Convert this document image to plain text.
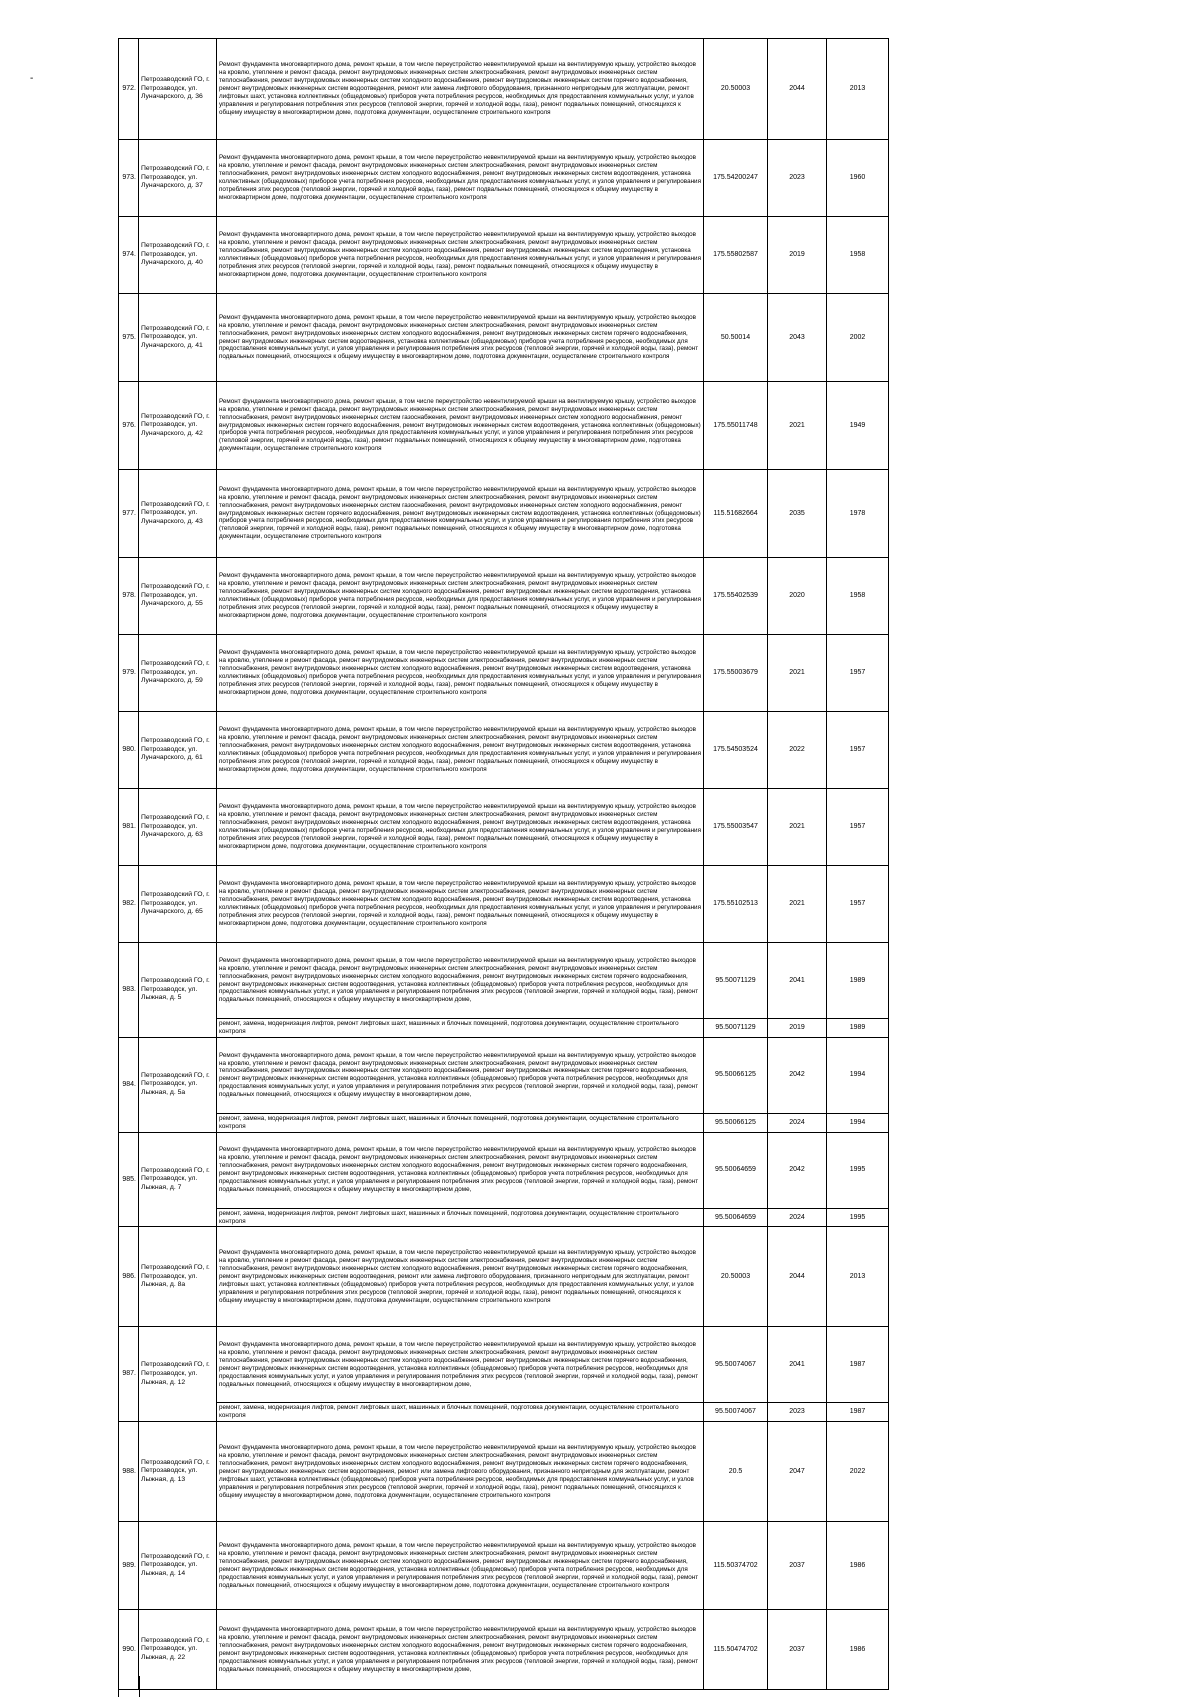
-
972.	Петрозаводский ГО, г. Петрозаводск, ул. Луначарского, д. 36	Ремонт фундамента многоквартирного дома, ремонт крыши, в том числе переустройство невентилируемой крыши на вентилируемую крышу, устройство выходов на кровлю, утепление и ремонт фасада, ремонт внутридомовых инженерных систем электроснабжения, ремонт внутридомовых инженерных систем теплоснабжения, ремонт внутридомовых инженерных систем холодного водоснабжения, ремонт внутридомовых инженерных систем горячего водоснабжения, ремонт внутридомовых инженерных систем водоотведения, ремонт или замена лифтового оборудования, признанного непригодным для эксплуатации, ремонт лифтовых шахт, установка коллективных (общедомовых) приборов учета потребления ресурсов, необходимых для предоставления коммунальных услуг, и узлов управления и регулирования потребления этих ресурсов (тепловой энергии, горячей и холодной воды, газа), ремонт подвальных помещений, относящихся к общему имуществу в многоквартирном доме, подготовка документации, осуществление строительного контроля	20.50003	2044	2013
973.	Петрозаводский ГО, г. Петрозаводск, ул. Луначарского, д. 37	Ремонт фундамента многоквартирного дома, ремонт крыши, в том числе переустройство невентилируемой крыши на вентилируемую крышу, устройство выходов на кровлю, утепление и ремонт фасада, ремонт внутридомовых инженерных систем электроснабжения, ремонт внутридомовых инженерных систем теплоснабжения, ремонт внутридомовых инженерных систем холодного водоснабжения, ремонт внутридомовых инженерных систем водоотведения, установка коллективных (общедомовых) приборов учета потребления ресурсов, необходимых для предоставления коммунальных услуг, и узлов управления и регулирования потребления этих ресурсов (тепловой энергии, горячей и холодной воды, газа), ремонт подвальных помещений, относящихся к общему имуществу в многоквартирном доме, подготовка документации, осуществление строительного контроля	175.54200247	2023	1960
974.	Петрозаводский ГО, г. Петрозаводск, ул. Луначарского, д. 40	Ремонт фундамента многоквартирного дома, ремонт крыши, в том числе переустройство невентилируемой крыши на вентилируемую крышу, устройство выходов на кровлю, утепление и ремонт фасада, ремонт внутридомовых инженерных систем электроснабжения, ремонт внутридомовых инженерных систем теплоснабжения, ремонт внутридомовых инженерных систем холодного водоснабжения, ремонт внутридомовых инженерных систем водоотведения, установка коллективных (общедомовых) приборов учета потребления ресурсов, необходимых для предоставления коммунальных услуг, и узлов управления и регулирования потребления этих ресурсов (тепловой энергии, горячей и холодной воды, газа), ремонт подвальных помещений, относящихся к общему имуществу в многоквартирном доме, подготовка документации, осуществление строительного контроля	175.55802587	2019	1958
975.	Петрозаводский ГО, г. Петрозаводск, ул. Луначарского, д. 41	Ремонт фундамента многоквартирного дома, ремонт крыши, в том числе переустройство невентилируемой крыши на вентилируемую крышу, устройство выходов на кровлю, утепление и ремонт фасада, ремонт внутридомовых инженерных систем электроснабжения, ремонт внутридомовых инженерных систем теплоснабжения, ремонт внутридомовых инженерных систем холодного водоснабжения, ремонт внутридомовых инженерных систем горячего водоснабжения, ремонт внутридомовых инженерных систем водоотведения, установка коллективных (общедомовых) приборов учета потребления ресурсов, необходимых для предоставления коммунальных услуг, и узлов управления и регулирования потребления этих ресурсов (тепловой энергии, горячей и холодной воды, газа), ремонт подвальных помещений, относящихся к общему имуществу в многоквартирном доме, подготовка документации, осуществление строительного контроля	50.50014	2043	2002
976.	Петрозаводский ГО, г. Петрозаводск, ул. Луначарского, д. 42	Ремонт фундамента многоквартирного дома, ремонт крыши, в том числе переустройство невентилируемой крыши на вентилируемую крышу, устройство выходов на кровлю, утепление и ремонт фасада, ремонт внутридомовых инженерных систем электроснабжения, ремонт внутридомовых инженерных систем теплоснабжения, ремонт внутридомовых инженерных систем газоснабжения, ремонт внутридомовых инженерных систем холодного водоснабжения, ремонт внутридомовых инженерных систем горячего водоснабжения, ремонт внутридомовых инженерных систем водоотведения, установка коллективных (общедомовых) приборов учета потребления ресурсов, необходимых для предоставления коммунальных услуг, и узлов управления и регулирования потребления этих ресурсов (тепловой энергии, горячей и холодной воды, газа), ремонт подвальных помещений, относящихся к общему имуществу в многоквартирном доме, подготовка документации, осуществление строительного контроля	175.55011748	2021	1949
977.	Петрозаводский ГО, г. Петрозаводск, ул. Луначарского, д. 43	Ремонт фундамента многоквартирного дома, ремонт крыши, в том числе переустройство невентилируемой крыши на вентилируемую крышу, устройство выходов на кровлю, утепление и ремонт фасада, ремонт внутридомовых инженерных систем электроснабжения, ремонт внутридомовых инженерных систем теплоснабжения, ремонт внутридомовых инженерных систем газоснабжения, ремонт внутридомовых инженерных систем холодного водоснабжения, ремонт внутридомовых инженерных систем горячего водоснабжения, ремонт внутридомовых инженерных систем водоотведения, установка коллективных (общедомовых) приборов учета потребления ресурсов, необходимых для предоставления коммунальных услуг, и узлов управления и регулирования потребления этих ресурсов (тепловой энергии, горячей и холодной воды, газа), ремонт подвальных помещений, относящихся к общему имуществу в многоквартирном доме, подготовка документации, осуществление строительного контроля	115.51682664	2035	1978
978.	Петрозаводский ГО, г. Петрозаводск, ул. Луначарского, д. 55	Ремонт фундамента многоквартирного дома, ремонт крыши, в том числе переустройство невентилируемой крыши на вентилируемую крышу, устройство выходов на кровлю, утепление и ремонт фасада, ремонт внутридомовых инженерных систем электроснабжения, ремонт внутридомовых инженерных систем теплоснабжения, ремонт внутридомовых инженерных систем холодного водоснабжения, ремонт внутридомовых инженерных систем водоотведения, установка коллективных (общедомовых) приборов учета потребления ресурсов, необходимых для предоставления коммунальных услуг, и узлов управления и регулирования потребления этих ресурсов (тепловой энергии, горячей и холодной воды, газа), ремонт подвальных помещений, относящихся к общему имуществу в многоквартирном доме, подготовка документации, осуществление строительного контроля	175.55402539	2020	1958
979.	Петрозаводский ГО, г. Петрозаводск, ул. Луначарского, д. 59	Ремонт фундамента многоквартирного дома, ремонт крыши, в том числе переустройство невентилируемой крыши на вентилируемую крышу, устройство выходов на кровлю, утепление и ремонт фасада, ремонт внутридомовых инженерных систем электроснабжения, ремонт внутридомовых инженерных систем теплоснабжения, ремонт внутридомовых инженерных систем холодного водоснабжения, ремонт внутридомовых инженерных систем водоотведения, установка коллективных (общедомовых) приборов учета потребления ресурсов, необходимых для предоставления коммунальных услуг, и узлов управления и регулирования потребления этих ресурсов (тепловой энергии, горячей и холодной воды, газа), ремонт подвальных помещений, относящихся к общему имуществу в многоквартирном доме, подготовка документации, осуществление строительного контроля	175.55003679	2021	1957
980.	Петрозаводский ГО, г. Петрозаводск, ул. Луначарского, д. 61	Ремонт фундамента многоквартирного дома, ремонт крыши, в том числе переустройство невентилируемой крыши на вентилируемую крышу, устройство выходов на кровлю, утепление и ремонт фасада, ремонт внутридомовых инженерных систем электроснабжения, ремонт внутридомовых инженерных систем теплоснабжения, ремонт внутридомовых инженерных систем холодного водоснабжения, ремонт внутридомовых инженерных систем водоотведения, установка коллективных (общедомовых) приборов учета потребления ресурсов, необходимых для предоставления коммунальных услуг, и узлов управления и регулирования потребления этих ресурсов (тепловой энергии, горячей и холодной воды, газа), ремонт подвальных помещений, относящихся к общему имуществу в многоквартирном доме, подготовка документации, осуществление строительного контроля	175.54503524	2022	1957
981.	Петрозаводский ГО, г. Петрозаводск, ул. Луначарского, д. 63	Ремонт фундамента многоквартирного дома, ремонт крыши, в том числе переустройство невентилируемой крыши на вентилируемую крышу, устройство выходов на кровлю, утепление и ремонт фасада, ремонт внутридомовых инженерных систем электроснабжения, ремонт внутридомовых инженерных систем теплоснабжения, ремонт внутридомовых инженерных систем холодного водоснабжения, ремонт внутридомовых инженерных систем водоотведения, установка коллективных (общедомовых) приборов учета потребления ресурсов, необходимых для предоставления коммунальных услуг, и узлов управления и регулирования потребления этих ресурсов (тепловой энергии, горячей и холодной воды, газа), ремонт подвальных помещений, относящихся к общему имуществу в многоквартирном доме, подготовка документации, осуществление строительного контроля	175.55003547	2021	1957
982.	Петрозаводский ГО, г. Петрозаводск, ул. Луначарского, д. 65	Ремонт фундамента многоквартирного дома, ремонт крыши, в том числе переустройство невентилируемой крыши на вентилируемую крышу, устройство выходов на кровлю, утепление и ремонт фасада, ремонт внутридомовых инженерных систем электроснабжения, ремонт внутридомовых инженерных систем теплоснабжения, ремонт внутридомовых инженерных систем холодного водоснабжения, ремонт внутридомовых инженерных систем водоотведения, установка коллективных (общедомовых) приборов учета потребления ресурсов, необходимых для предоставления коммунальных услуг, и узлов управления и регулирования потребления этих ресурсов (тепловой энергии, горячей и холодной воды, газа), ремонт подвальных помещений, относящихся к общему имуществу в многоквартирном доме, подготовка документации, осуществление строительного контроля	175.55102513	2021	1957
983.	Петрозаводский ГО, г. Петрозаводск, ул. Лыжная, д. 5	Ремонт фундамента многоквартирного дома, ремонт крыши, в том числе переустройство невентилируемой крыши на вентилируемую крышу, устройство выходов на кровлю, утепление и ремонт фасада, ремонт внутридомовых инженерных систем электроснабжения, ремонт внутридомовых инженерных систем теплоснабжения, ремонт внутридомовых инженерных систем холодного водоснабжения, ремонт внутридомовых инженерных систем горячего водоснабжения, ремонт внутридомовых инженерных систем водоотведения, установка коллективных (общедомовых) приборов учета потребления ресурсов, необходимых для предоставления коммунальных услуг, и узлов управления и регулирования потребления этих ресурсов (тепловой энергии, горячей и холодной воды, газа), ремонт подвальных помещений, относящихся к общему имуществу в многоквартирном доме,	95.50071129	2041	1989
		ремонт, замена, модернизация лифтов, ремонт лифтовых шахт, машинных и блочных помещений, подготовка документации, осуществление строительного контроля	95.50071129	2019	1989
984.	Петрозаводский ГО, г. Петрозаводск, ул. Лыжная, д. 5а	Ремонт фундамента многоквартирного дома, ремонт крыши, в том числе переустройство невентилируемой крыши на вентилируемую крышу, устройство выходов на кровлю, утепление и ремонт фасада, ремонт внутридомовых инженерных систем электроснабжения, ремонт внутридомовых инженерных систем теплоснабжения, ремонт внутридомовых инженерных систем холодного водоснабжения, ремонт внутридомовых инженерных систем горячего водоснабжения, ремонт внутридомовых инженерных систем водоотведения, установка коллективных (общедомовых) приборов учета потребления ресурсов, необходимых для предоставления коммунальных услуг, и узлов управления и регулирования потребления этих ресурсов (тепловой энергии, горячей и холодной воды, газа), ремонт подвальных помещений, относящихся к общему имуществу в многоквартирном доме,	95.50066125	2042	1994
		ремонт, замена, модернизация лифтов, ремонт лифтовых шахт, машинных и блочных помещений, подготовка документации, осуществление строительного контроля	95.50066125	2024	1994
985.	Петрозаводский ГО, г. Петрозаводск, ул. Лыжная, д. 7	Ремонт фундамента многоквартирного дома, ремонт крыши, в том числе переустройство невентилируемой крыши на вентилируемую крышу, устройство выходов на кровлю, утепление и ремонт фасада, ремонт внутридомовых инженерных систем электроснабжения, ремонт внутридомовых инженерных систем теплоснабжения, ремонт внутридомовых инженерных систем холодного водоснабжения, ремонт внутридомовых инженерных систем горячего водоснабжения, ремонт внутридомовых инженерных систем водоотведения, установка коллективных (общедомовых) приборов учета потребления ресурсов, необходимых для предоставления коммунальных услуг, и узлов управления и регулирования потребления этих ресурсов (тепловой энергии, горячей и холодной воды, газа), ремонт подвальных помещений, относящихся к общему имуществу в многоквартирном доме,	95.50064659	2042	1995
		ремонт, замена, модернизация лифтов, ремонт лифтовых шахт, машинных и блочных помещений, подготовка документации, осуществление строительного контроля	95.50064659	2024	1995
986.	Петрозаводский ГО, г. Петрозаводск, ул. Лыжная, д. 8а	Ремонт фундамента многоквартирного дома, ремонт крыши, в том числе переустройство невентилируемой крыши на вентилируемую крышу, устройство выходов на кровлю, утепление и ремонт фасада, ремонт внутридомовых инженерных систем электроснабжения, ремонт внутридомовых инженерных систем теплоснабжения, ремонт внутридомовых инженерных систем холодного водоснабжения, ремонт внутридомовых инженерных систем горячего водоснабжения, ремонт внутридомовых инженерных систем водоотведения, ремонт или замена лифтового оборудования, признанного непригодным для эксплуатации, ремонт лифтовых шахт, установка коллективных (общедомовых) приборов учета потребления ресурсов, необходимых для предоставления коммунальных услуг, и узлов управления и регулирования потребления этих ресурсов (тепловой энергии, горячей и холодной воды, газа), ремонт подвальных помещений, относящихся к общему имуществу в многоквартирном доме, подготовка документации, осуществление строительного контроля	20.50003	2044	2013
987.	Петрозаводский ГО, г. Петрозаводск, ул. Лыжная, д. 12	Ремонт фундамента многоквартирного дома, ремонт крыши, в том числе переустройство невентилируемой крыши на вентилируемую крышу, устройство выходов на кровлю, утепление и ремонт фасада, ремонт внутридомовых инженерных систем электроснабжения, ремонт внутридомовых инженерных систем теплоснабжения, ремонт внутридомовых инженерных систем холодного водоснабжения, ремонт внутридомовых инженерных систем горячего водоснабжения, ремонт внутридомовых инженерных систем водоотведения, установка коллективных (общедомовых) приборов учета потребления ресурсов, необходимых для предоставления коммунальных услуг, и узлов управления и регулирования потребления этих ресурсов (тепловой энергии, горячей и холодной воды, газа), ремонт подвальных помещений, относящихся к общему имуществу в многоквартирном доме,	95.50074067	2041	1987
		ремонт, замена, модернизация лифтов, ремонт лифтовых шахт, машинных и блочных помещений, подготовка документации, осуществление строительного контроля	95.50074067	2023	1987
988.	Петрозаводский ГО, г. Петрозаводск, ул. Лыжная, д. 13	Ремонт фундамента многоквартирного дома, ремонт крыши, в том числе переустройство невентилируемой крыши на вентилируемую крышу, устройство выходов на кровлю, утепление и ремонт фасада, ремонт внутридомовых инженерных систем электроснабжения, ремонт внутридомовых инженерных систем теплоснабжения, ремонт внутридомовых инженерных систем холодного водоснабжения, ремонт внутридомовых инженерных систем горячего водоснабжения, ремонт внутридомовых инженерных систем водоотведения, ремонт или замена лифтового оборудования, признанного непригодным для эксплуатации, ремонт лифтовых шахт, установка коллективных (общедомовых) приборов учета потребления ресурсов, необходимых для предоставления коммунальных услуг, и узлов управления и регулирования потребления этих ресурсов (тепловой энергии, горячей и холодной воды, газа), ремонт подвальных помещений, относящихся к общему имуществу в многоквартирном доме, подготовка документации, осуществление строительного контроля	20.5	2047	2022
989.	Петрозаводский ГО, г. Петрозаводск, ул. Лыжная, д. 14	Ремонт фундамента многоквартирного дома, ремонт крыши, в том числе переустройство невентилируемой крыши на вентилируемую крышу, устройство выходов на кровлю, утепление и ремонт фасада, ремонт внутридомовых инженерных систем электроснабжения, ремонт внутридомовых инженерных систем теплоснабжения, ремонт внутридомовых инженерных систем холодного водоснабжения, ремонт внутридомовых инженерных систем горячего водоснабжения, ремонт внутридомовых инженерных систем водоотведения, установка коллективных (общедомовых) приборов учета потребления ресурсов, необходимых для предоставления коммунальных услуг, и узлов управления и регулирования потребления этих ресурсов (тепловой энергии, горячей и холодной воды, газа), ремонт подвальных помещений, относящихся к общему имуществу в многоквартирном доме, подготовка документации, осуществление строительного контроля	115.50374702	2037	1986
990.	Петрозаводский ГО, г. Петрозаводск, ул. Лыжная, д. 22	Ремонт фундамента многоквартирного дома, ремонт крыши, в том числе переустройство невентилируемой крыши на вентилируемую крышу, устройство выходов на кровлю, утепление и ремонт фасада, ремонт внутридомовых инженерных систем электроснабжения, ремонт внутридомовых инженерных систем теплоснабжения, ремонт внутридомовых инженерных систем холодного водоснабжения, ремонт внутридомовых инженерных систем горячего водоснабжения, ремонт внутридомовых инженерных систем водоотведения, установка коллективных (общедомовых) приборов учета потребления ресурсов, необходимых для предоставления коммунальных услуг, и узлов управления и регулирования потребления этих ресурсов (тепловой энергии, горячей и холодной воды, газа), ремонт подвальных помещений, относящихся к общему имуществу в многоквартирном доме,	115.50474702	2037	1986
